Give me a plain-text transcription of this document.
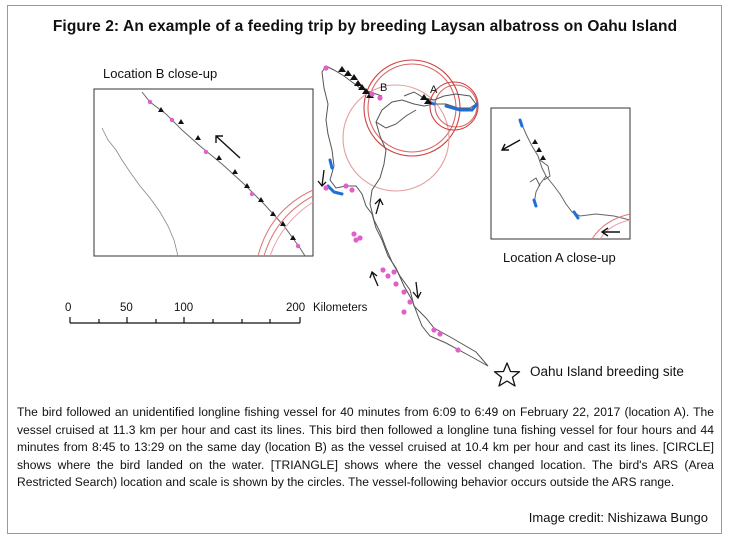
Figure 2: An example of a feeding trip by breeding Laysan albatross on Oahu Island
Location B close-up
Location A close-up
B	A
0	50	100	200 Kilometers
Oahu Island breeding site
The bird followed an unidentified longline fishing vessel for 40 minutes from 6:09 to 6:49 on February 22, 2017 (location A). The vessel cruised at 11.3 km per hour and cast its lines. This bird then followed a longline tuna fishing vessel for four hours and 44 minutes from 8:45 to 13:29 on the same day (location B) as the vessel cruised at 10.4 km per hour and cast its lines. [CIRCLE] shows where the bird landed on the water. [TRIANGLE] shows where the vessel changed location. The bird's ARS (Area Restricted Search) location and scale is shown by the circles. The vessel-following behavior occurs outside the ARS range.
Image credit: Nishizawa Bungo
